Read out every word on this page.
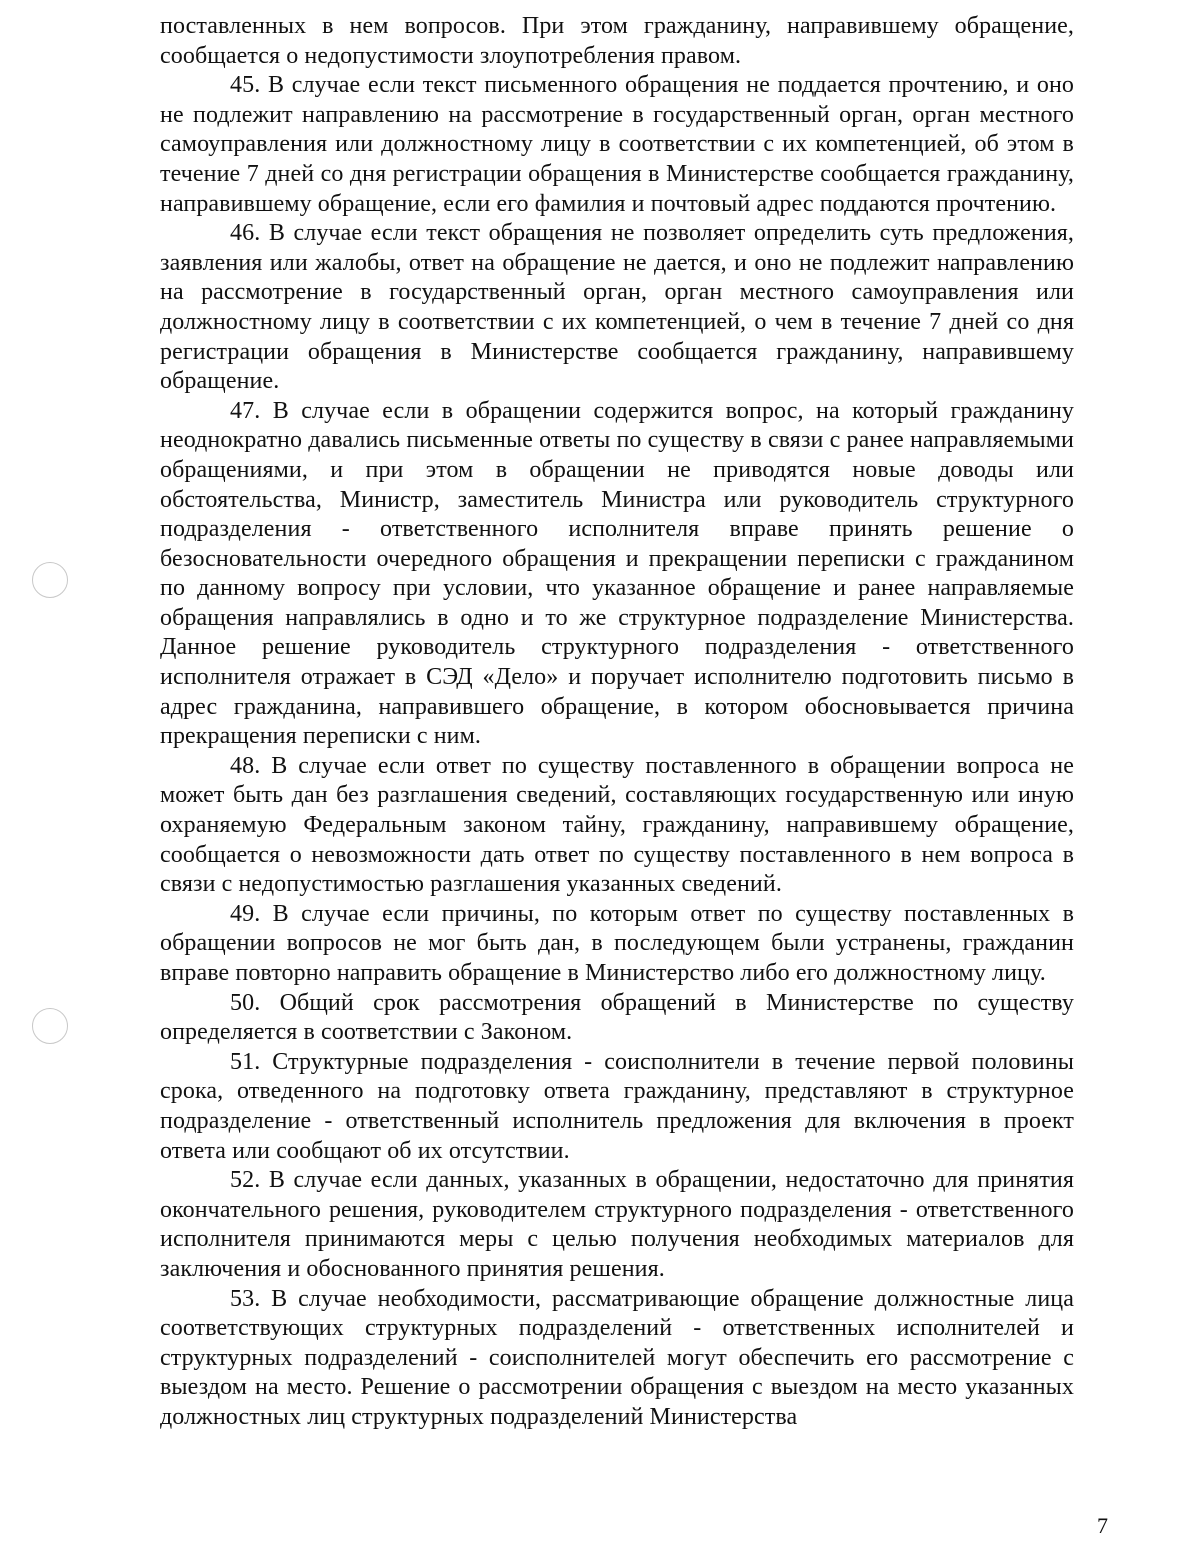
поставленных в нем вопросов. При этом гражданину, направившему обращение, сообщается о недопустимости злоупотребления правом.

45. В случае если текст письменного обращения не поддается прочтению, и оно не подлежит направлению на рассмотрение в государственный орган, орган местного самоуправления или должностному лицу в соответствии с их компетенцией, об этом в течение 7 дней со дня регистрации обращения в Министерстве сообщается гражданину, направившему обращение, если его фамилия и почтовый адрес поддаются прочтению.

46. В случае если текст обращения не позволяет определить суть предложения, заявления или жалобы, ответ на обращение не дается, и оно не подлежит направлению на рассмотрение в государственный орган, орган местного самоуправления или должностному лицу в соответствии с их компетенцией, о чем в течение 7 дней со дня регистрации обращения в Министерстве сообщается гражданину, направившему обращение.

47. В случае если в обращении содержится вопрос, на который гражданину неоднократно давались письменные ответы по существу в связи с ранее направляемыми обращениями, и при этом в обращении не приводятся новые доводы или обстоятельства, Министр, заместитель Министра или руководитель структурного подразделения - ответственного исполнителя вправе принять решение о безосновательности очередного обращения и прекращении переписки с гражданином по данному вопросу при условии, что указанное обращение и ранее направляемые обращения направлялись в одно и то же структурное подразделение Министерства. Данное решение руководитель структурного подразделения - ответственного исполнителя отражает в СЭД «Дело» и поручает исполнителю подготовить письмо в адрес гражданина, направившего обращение, в котором обосновывается причина прекращения переписки с ним.

48. В случае если ответ по существу поставленного в обращении вопроса не может быть дан без разглашения сведений, составляющих государственную или иную охраняемую Федеральным законом тайну, гражданину, направившему обращение, сообщается о невозможности дать ответ по существу поставленного в нем вопроса в связи с недопустимостью разглашения указанных сведений.

49. В случае если причины, по которым ответ по существу поставленных в обращении вопросов не мог быть дан, в последующем были устранены, гражданин вправе повторно направить обращение в Министерство либо его должностному лицу.

50. Общий срок рассмотрения обращений в Министерстве по существу определяется в соответствии с Законом.

51. Структурные подразделения - соисполнители в течение первой половины срока, отведенного на подготовку ответа гражданину, представляют в структурное подразделение - ответственный исполнитель предложения для включения в проект ответа или сообщают об их отсутствии.

52. В случае если данных, указанных в обращении, недостаточно для принятия окончательного решения, руководителем структурного подразделения - ответственного исполнителя принимаются меры с целью получения необходимых материалов для заключения и обоснованного принятия решения.

53. В случае необходимости, рассматривающие обращение должностные лица соответствующих структурных подразделений - ответственных исполнителей и структурных подразделений - соисполнителей могут обеспечить его рассмотрение с выездом на место. Решение о рассмотрении обращения с выездом на место указанных должностных лиц структурных подразделений Министерства

7
